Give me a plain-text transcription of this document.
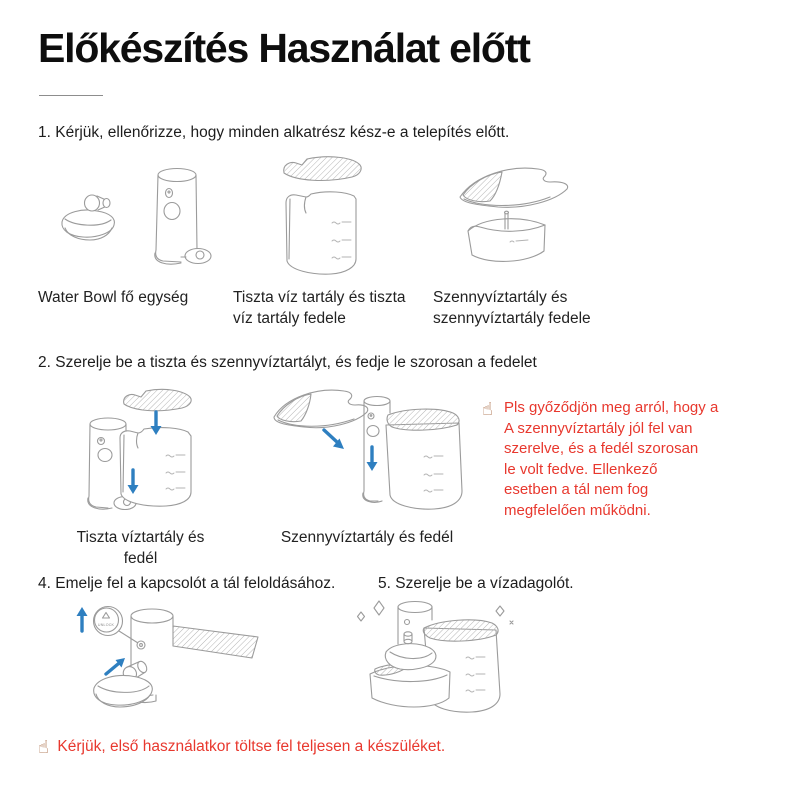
Előkészítés Használat előtt
1. Kérjük, ellenőrizze, hogy minden alkatrész kész-e a telepítés előtt.
Water Bowl fő egység	Tiszta víz tartály és tiszta
víz tartály fedele
Szennyvíztartály és
szennyvíztartály fedele
2. Szerelje be a tiszta és szennyvíztartályt, és fedje le szorosan a fedelet
Tiszta víztartály és fedél
Szennyvíztartály és fedél
☝ Pls győződjön meg arról, hogy a
A szennyvíztartály jól fel van
szerelve, és a fedél szorosan
le volt fedve. Ellenkező
esetben a tál nem fog
megfelelően működni.
4. Emelje fel a kapcsolót a tál feloldásához.	5. Szerelje be a vízadagolót.
UNLOCK
☝ Kérjük, első használatkor töltse fel teljesen a készüléket.
